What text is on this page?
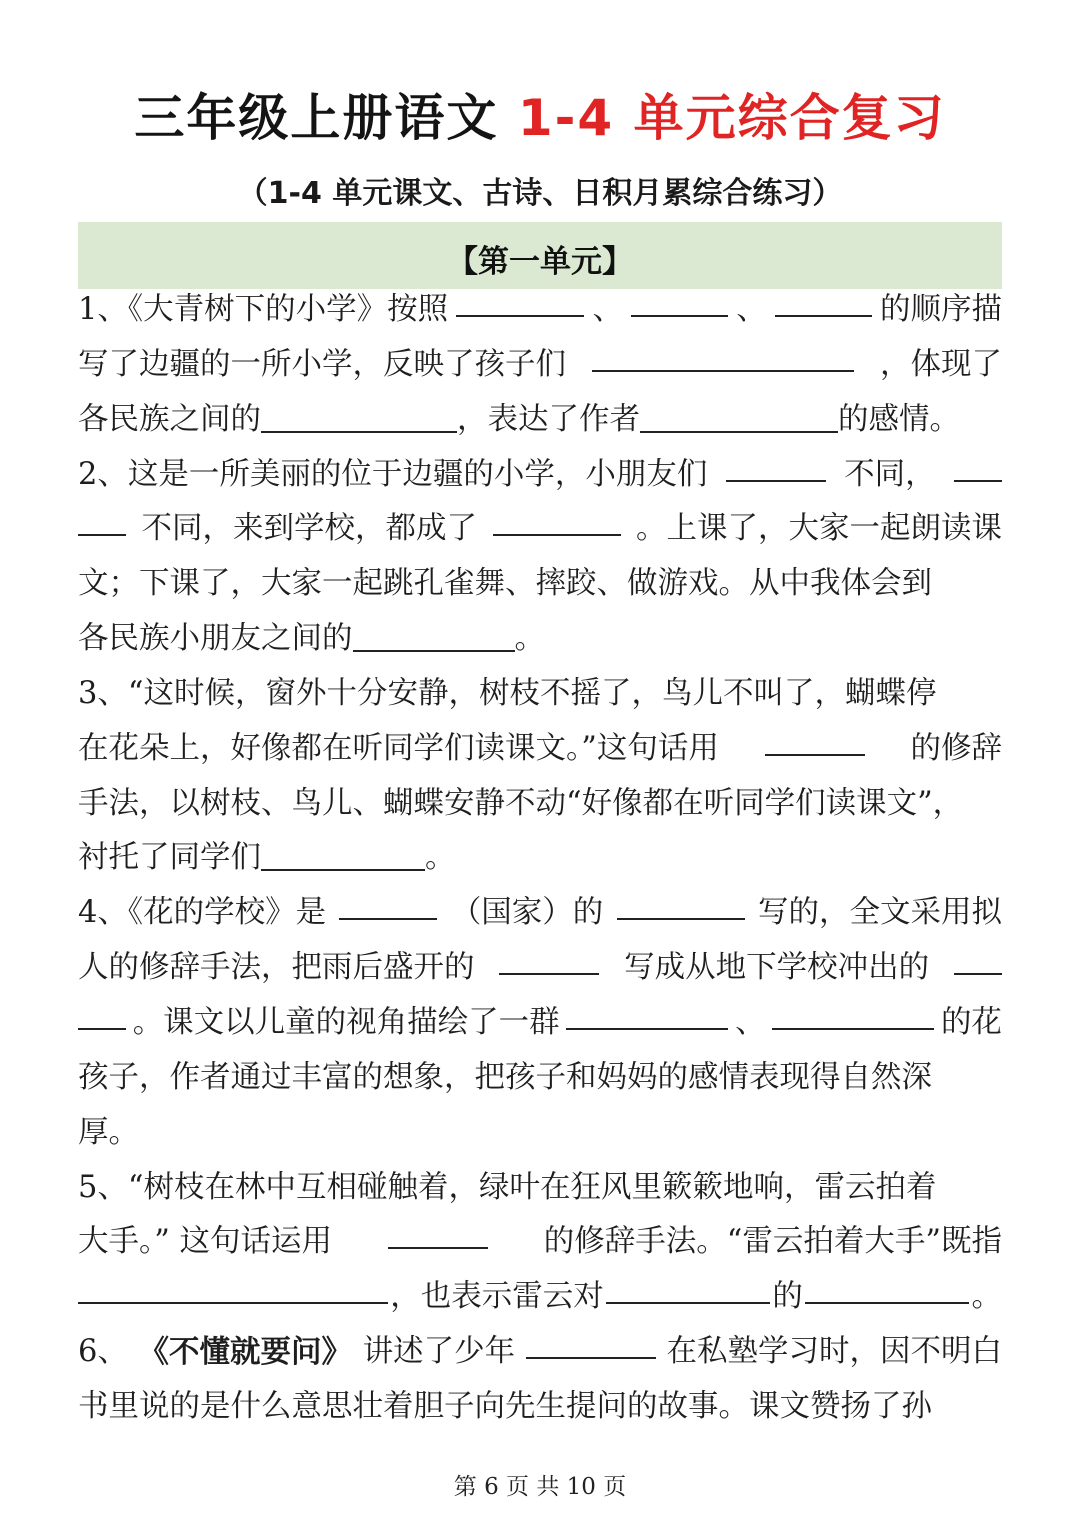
三年级上册语文 1-4 单元综合复习
（1-4 单元课文、古诗、日积月累综合练习）
【第一单元】
1、《大青树下的小学》按照	、	、	的顺序描
写了边疆的一所小学，反映了孩子们	，体现了
各民族之间的	，表达了作者	的感情。
2、这是一所美丽的位于边疆的小学，小朋友们	不同，
不同，来到学校，都成了	。上课了，大家一起朗读课
文；下课了，大家一起跳孔雀舞、摔跤、做游戏。从中我体会到
各民族小朋友之间的	。
3、“这时候，窗外十分安静，树枝不摇了，鸟儿不叫了，蝴蝶停
在花朵上，好像都在听同学们读课文。”这句话用	的修辞
手法，以树枝、鸟儿、蝴蝶安静不动“好像都在听同学们读课文”，
衬托了同学们	。
4、《花的学校》是	（国家）的	写的，全文采用拟
人的修辞手法，把雨后盛开的	写成从地下学校冲出的
。课文以儿童的视角描绘了一群	、	的花
孩子，作者通过丰富的想象，把孩子和妈妈的感情表现得自然深
厚。
5、“树枝在林中互相碰触着，绿叶在狂风里簌簌地响，雷云拍着
大手。” 这句话运用	的修辞手法。“雷云拍着大手”既指
，也表示雷云对	的	。
6、 《不懂就要问》 讲述了少年	在私塾学习时，因不明白
书里说的是什么意思壮着胆子向先生提问的故事。课文赞扬了孙
第 6 页 共 10 页
